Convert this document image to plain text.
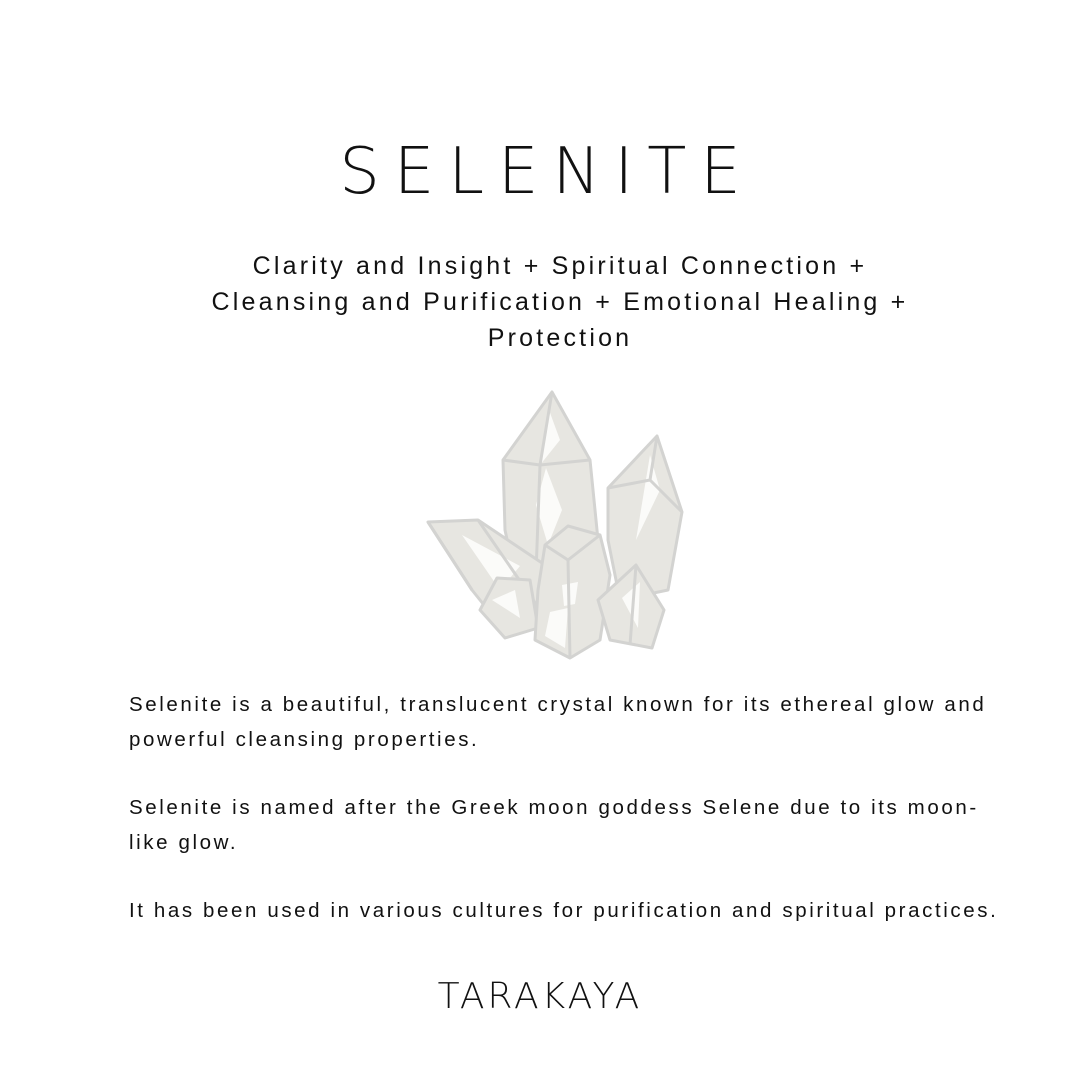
SELENITE
Clarity and Insight + Spiritual Connection + Cleansing and Purification + Emotional Healing + Protection

Selenite is a beautiful, translucent crystal known for its ethereal glow and powerful cleansing properties.

Selenite is named after the Greek moon goddess Selene due to its moon-like glow.

It has been used in various cultures for purification and spiritual practices.

TARAKAYA
